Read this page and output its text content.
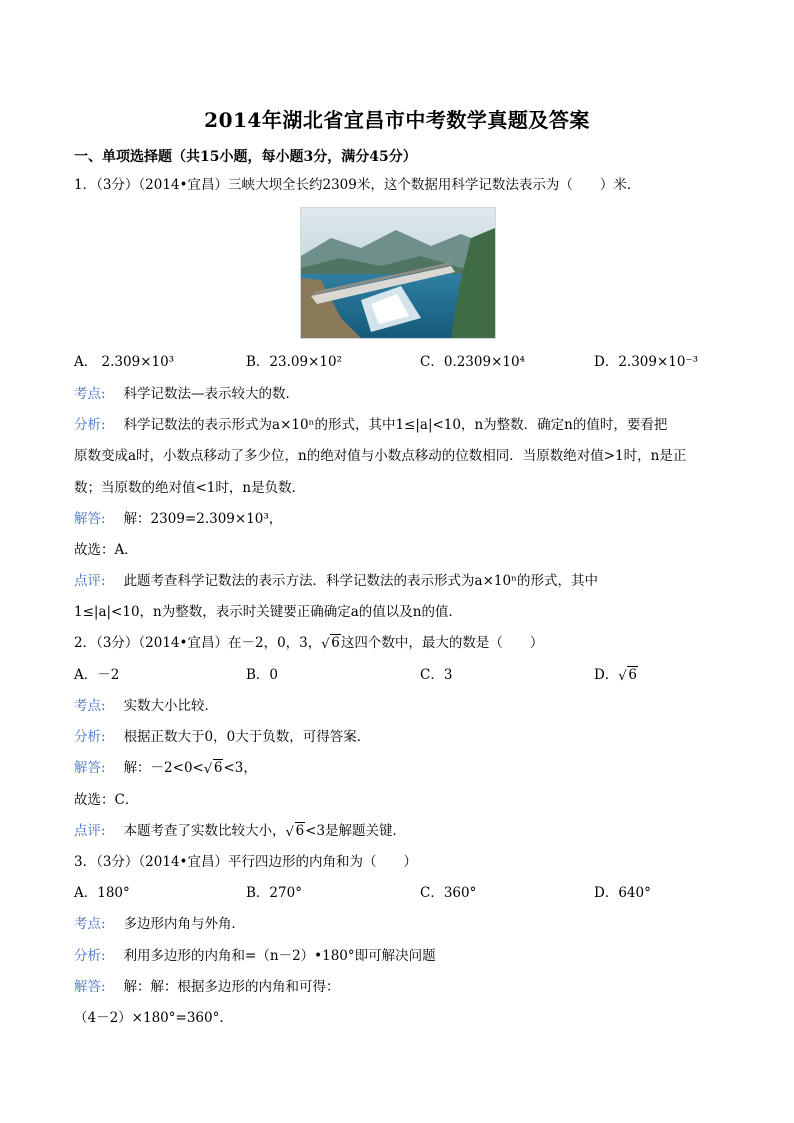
2014年湖北省宜昌市中考数学真题及答案
一、单项选择题（共15小题，每小题3分，满分45分）
1．（3分）（2014•宜昌）三峡大坝全长约2309米，这个数据用科学记数法表示为（　　）米．
A． 2.309×10³	B．23.09×10²	C．0.2309×10⁴	D．2.309×10⁻³
考点: 科学记数法—表示较大的数．
分析: 科学记数法的表示形式为a×10ⁿ的形式，其中1≤|a|<10，n为整数．确定n的值时，要看把
原数变成a时，小数点移动了多少位，n的绝对值与小数点移动的位数相同．当原数绝对值>1时，n是正
数；当原数的绝对值<1时，n是负数．
解答: 解：2309=2.309×10³，
故选：A．
点评: 此题考查科学记数法的表示方法．科学记数法的表示形式为a×10ⁿ的形式，其中
1≤|a|<10，n为整数，表示时关键要正确确定a的值以及n的值．
2．（3分）（2014•宜昌）在－2，0，3， √ 6这四个数中，最大的数是（　　）
A．－2	B．0	C．3	D． √ 6
考点: 实数大小比较．
分析: 根据正数大于0，0大于负数，可得答案．
解答: 解：－2<0< √ 6<3，
故选：C．
点评: 本题考查了实数比较大小， √ 6<3是解题关键．
3．（3分）（2014•宜昌）平行四边形的内角和为（　　）
A．180°	B．270°	C．360°	D．640°
考点: 多边形内角与外角．
分析: 利用多边形的内角和=（n－2）•180°即可解决问题
解答: 解：解：根据多边形的内角和可得：
（4－2）×180°=360°．
